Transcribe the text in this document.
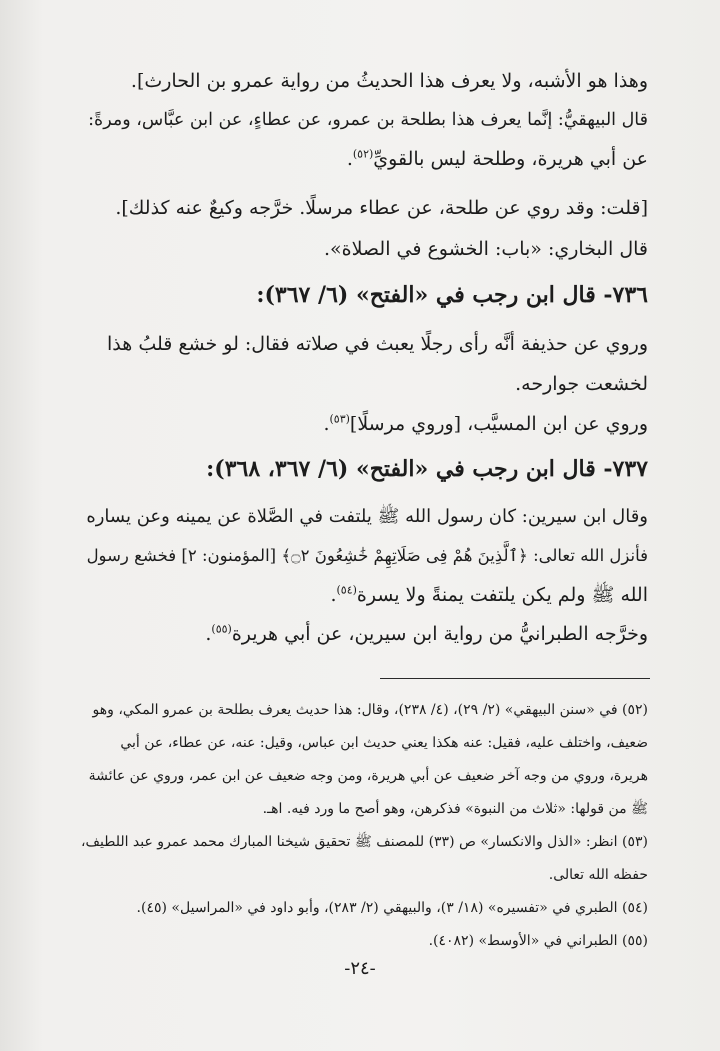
وهذا هو الأشبه، ولا يعرف هذا الحديثُ من رواية عمرو بن الحارث].
قال البيهقيُّ: إنَّما يعرف هذا بطلحة بن عمرو، عن عطاءٍ، عن ابن عبَّاس، ومرةً:
عن أبي هريرة، وطلحة ليس بالقويِّ$^{(٥٢)}$.
[قلت: وقد روي عن طلحة، عن عطاء مرسلًا. خرَّجه وكيعٌ عنه كذلك].
قال البخاري: «باب: الخشوع في الصلاة».
٧٣٦- قال ابن رجب في «الفتح» (٦/ ٣٦٧):
وروي عن حذيفة أنَّه رأى رجلًا يعبث في صلاته فقال: لو خشع قلبُ هذا
لخشعت جوارحه.
وروي عن ابن المسيَّب، [وروي مرسلًا]$^{(٥٣)}$.
٧٣٧- قال ابن رجب في «الفتح» (٦/ ٣٦٧، ٣٦٨):
وقال ابن سيرين: كان رسول الله ﷺ يلتفت في الصَّلاة عن يمينه وعن يساره
فأنزل الله تعالى: ﴿ٱلَّذِينَ هُمْ فِى صَلَاتِهِمْ خَٰشِعُونَ ۝٢﴾ [المؤمنون: ٢] فخشع رسول
الله ﷺ ولم يكن يلتفت يمنةً ولا يسرة$^{(٥٤)}$.
وخرَّجه الطبرانيُّ من رواية ابن سيرين، عن أبي هريرة$^{(٥٥)}$.
(٥٢) في «سنن البيهقي» (٢/ ٢٩)، (٤/ ٢٣٨)، وقال: هذا حديث يعرف بطلحة بن عمرو المكي، وهو
ضعيف، واختلف عليه، فقيل: عنه هكذا يعني حديث ابن عباس، وقيل: عنه، عن عطاء، عن أبي
هريرة، وروي من وجه آخر ضعيف عن أبي هريرة، ومن وجه ضعيف عن ابن عمر، وروي عن عائشة
ﷺ من قولها: «ثلاث من النبوة» فذكرهن، وهو أصح ما ورد فيه. اهـ.
(٥٣) انظر: «الذل والانكسار» ص (٣٣) للمصنف ﷺ تحقيق شيخنا المبارك محمد عمرو عبد اللطيف،
حفظه الله تعالى.
(٥٤) الطبري في «تفسيره» (١٨/ ٣)، والبيهقي (٢/ ٢٨٣)، وأبو داود في «المراسيل» (٤٥).
(٥٥) الطبراني في «الأوسط» (٤٠٨٢).
-٢٤-
